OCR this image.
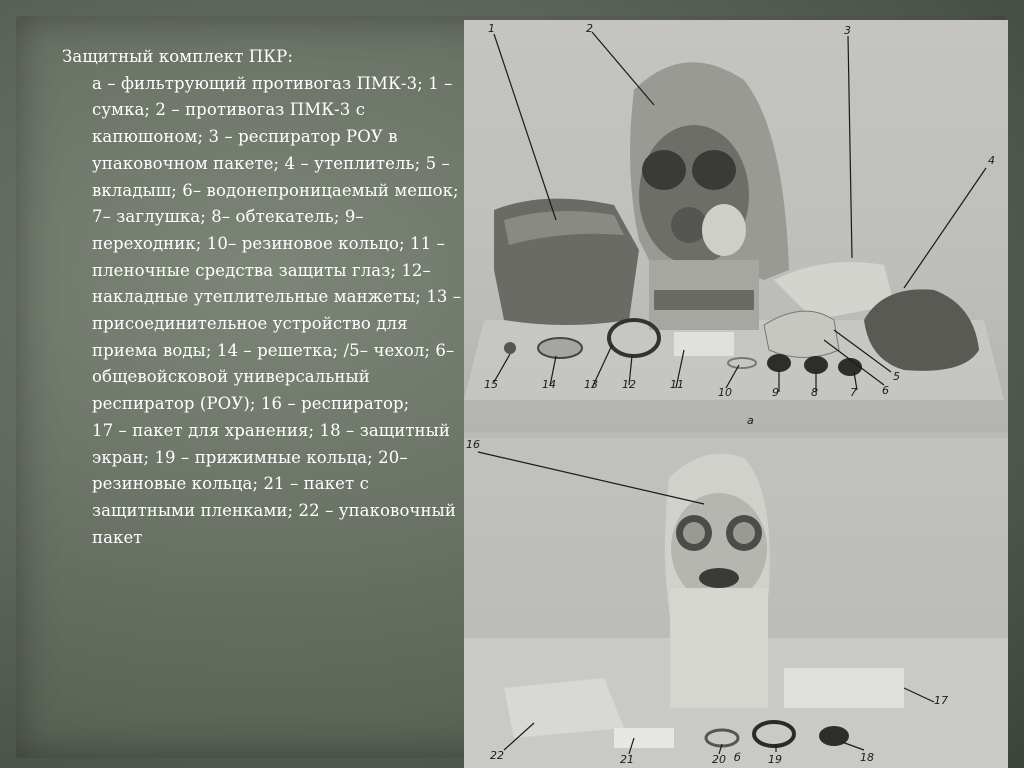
Защитный комплект ПКР:
а – фильтрующий противогаз ПМК-3; 1 – сумка; 2 – противогаз ПМК-3 с капюшоном; 3 – респиратор РОУ в упаковочном пакете; 4 – утеплитель; 5 – вкладыш; 6– водонепроницаемый мешок; 7– заглушка; 8– обтекатель; 9– переходник; 10– резиновое кольцо; 11 – пленочные средства защиты глаз; 12– накладные утеплительные манжеты; 13 – присоединительное устройство для приема воды; 14 – решетка; /5– чехол; 6– общевойсковой универсальный респиратор (РОУ); 16 – респиратор;
17 – пакет для хранения; 18 – защитный экран; 19 – прижимные кольца; 20– резиновые кольца; 21 – пакет с защитными пленками; 22 – упаковочный пакет
1	2	3
4
5
6
7
8
9
10
11
12
13
14
15
а
16
17
18
19
20
21
22	б
